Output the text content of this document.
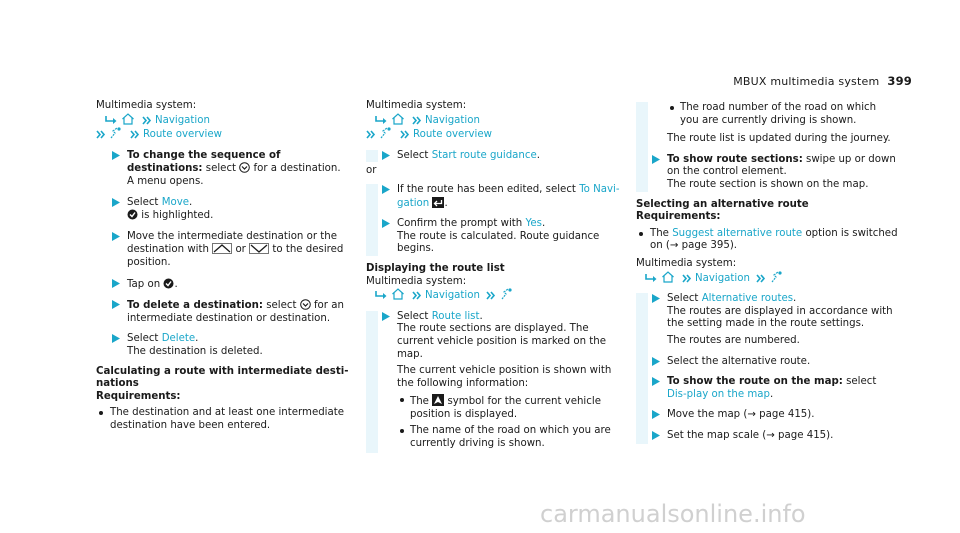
MBUX multimedia system 399

Multimedia system:

Navigation

Route overview

To change the sequence of destinations: select for a destination.
A menu opens.
Select Move.
is highlighted.
Move the intermediate destination or the destination with	or	to the desired position.
Tap on .
To delete a destination: select for an intermediate destination or destination.
Select Delete.
The destination is deleted.

Calculating a route with intermediate desti-nations

Requirements:

The destination and at least one intermediate destination have been entered.

Multimedia system:

Navigation

Route overview

Select Start route guidance.

or

If the route has been edited, select To Navi-gation .
Confirm the prompt with Yes.
The route is calculated. Route guidance begins.

Displaying the route list

Multimedia system:

Navigation

Select Route list.
The route sections are displayed. The current vehicle position is marked on the map.

The current vehicle position is shown with the following information:

The symbol for the current vehicle position is displayed.
The name of the road on which you are currently driving is shown.
The road number of the road on which you are currently driving is shown.

The route list is updated during the journey.

To show route sections: swipe up or down on the control element.
The route section is shown on the map.

Selecting an alternative route

Requirements:

The Suggest alternative route option is switched on (→ page 395).

Multimedia system:

Navigation

Select Alternative routes.
The routes are displayed in accordance with the setting made in the route settings.

The routes are numbered.

Select the alternative route.
To show the route on the map: select Dis-play on the map.
Move the map (→ page 415).
Set the map scale (→ page 415).
carmanualsonline.info
